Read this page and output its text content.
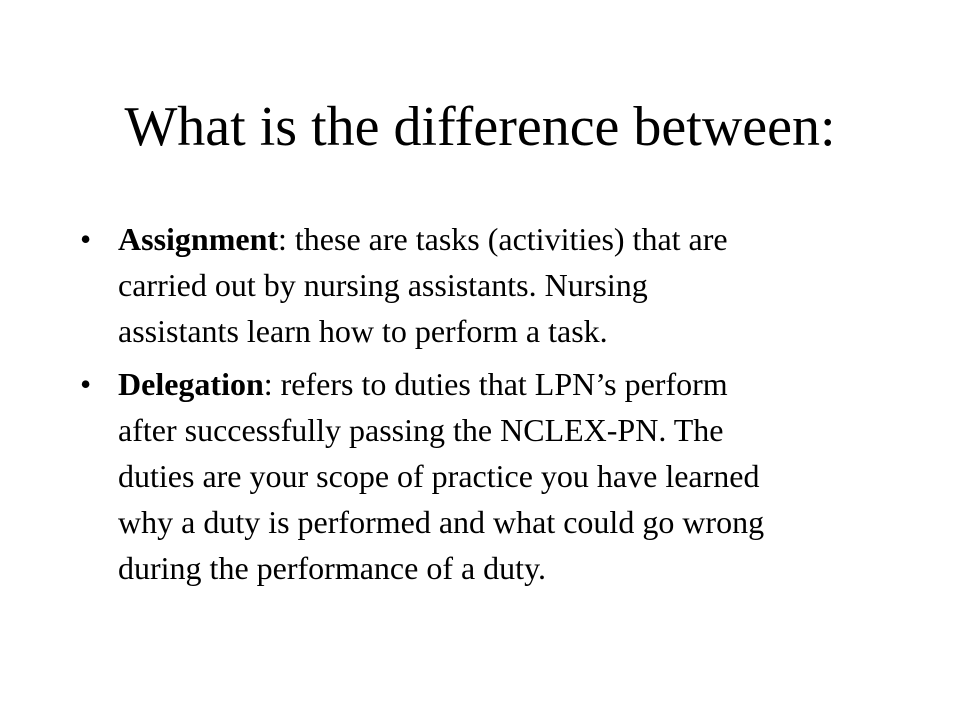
What is the difference between:
• Assignment: these are tasks (activities) that are
carried out by nursing assistants. Nursing
assistants learn how to perform a task.
• Delegation: refers to duties that LPN’s perform
after successfully passing the NCLEX-PN. The
duties are your scope of practice you have learned
why a duty is performed and what could go wrong
during the performance of a duty.
